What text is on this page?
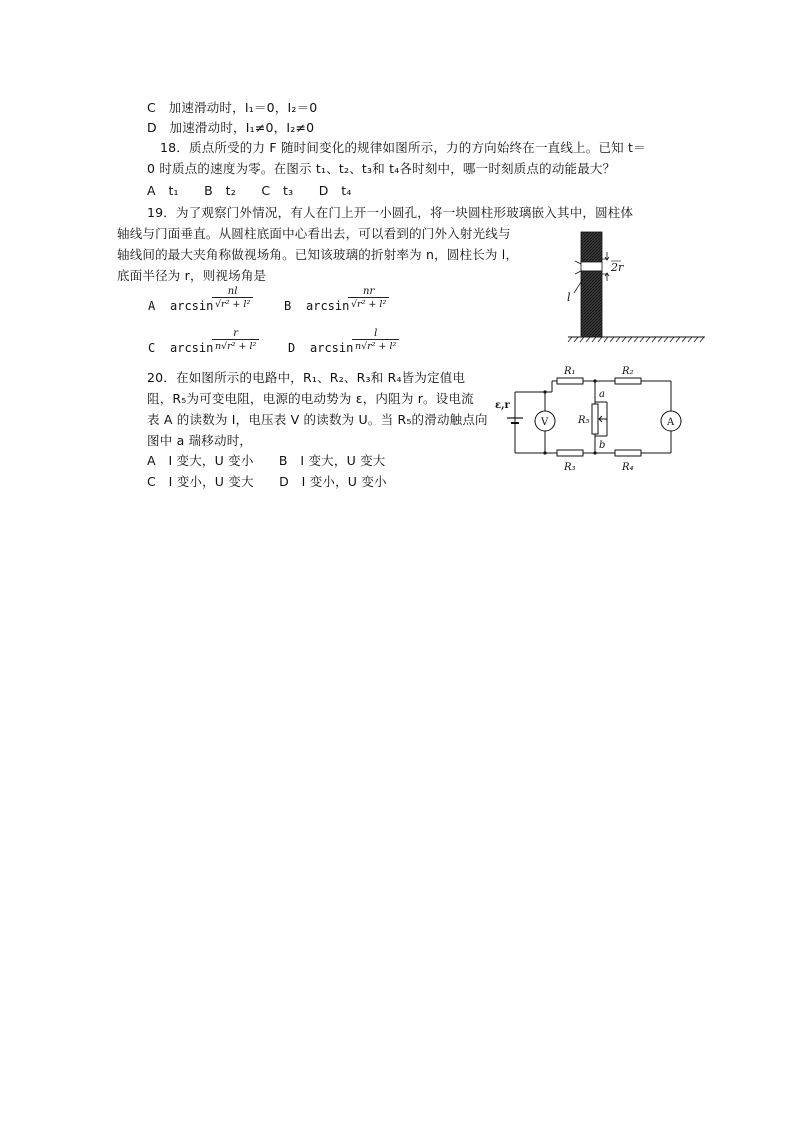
C　加速滑动时，I₁＝0，I₂＝0
D　加速滑动时，I₁≠0，I₂≠0
18．质点所受的力 F 随时间变化的规律如图所示，力的方向始终在一直线上。已知 t＝
0 时质点的速度为零。在图示 t₁、t₂、t₃和 t₄各时刻中，哪一时刻质点的动能最大？
A　t₁　　B　t₂　　C　t₃　　D　t₄
19．为了观察门外情况，有人在门上开一小圆孔，将一块圆柱形玻璃嵌入其中，圆柱体
轴线与门面垂直。从圆柱底面中心看出去，可以看到的门外入射光线与
轴线间的最大夹角称做视场角。已知该玻璃的折射率为 n，圆柱长为 l，
底面半径为 r，则视场角是
A arcsin
$\frac{nl}{\text{√r² + l²}}$	B arcsin
$\frac{nr}{\text{√r² + l²}}$
C arcsin
$\frac{r}{\text{n√r² + l²}}$ D arcsin
$\frac{l}{\text{n√r² + l²}}$
2r
l
20．在如图所示的电路中，R₁、R₂、R₃和 R₄皆为定值电
阻，R₅为可变电阻，电源的电动势为 ε，内阻为 r。设电流
表 A 的读数为 I，电压表 V 的读数为 U。当 R₅的滑动触点向
图中 a 瑞移动时，
A　I 变大，U 变小　　B　I 变大，U 变大
C　I 变小，U 变大　　D　I 变小，U 变小
R₁	R₂
R₃	R₄
R₅
a
b
ε,r
V	A
